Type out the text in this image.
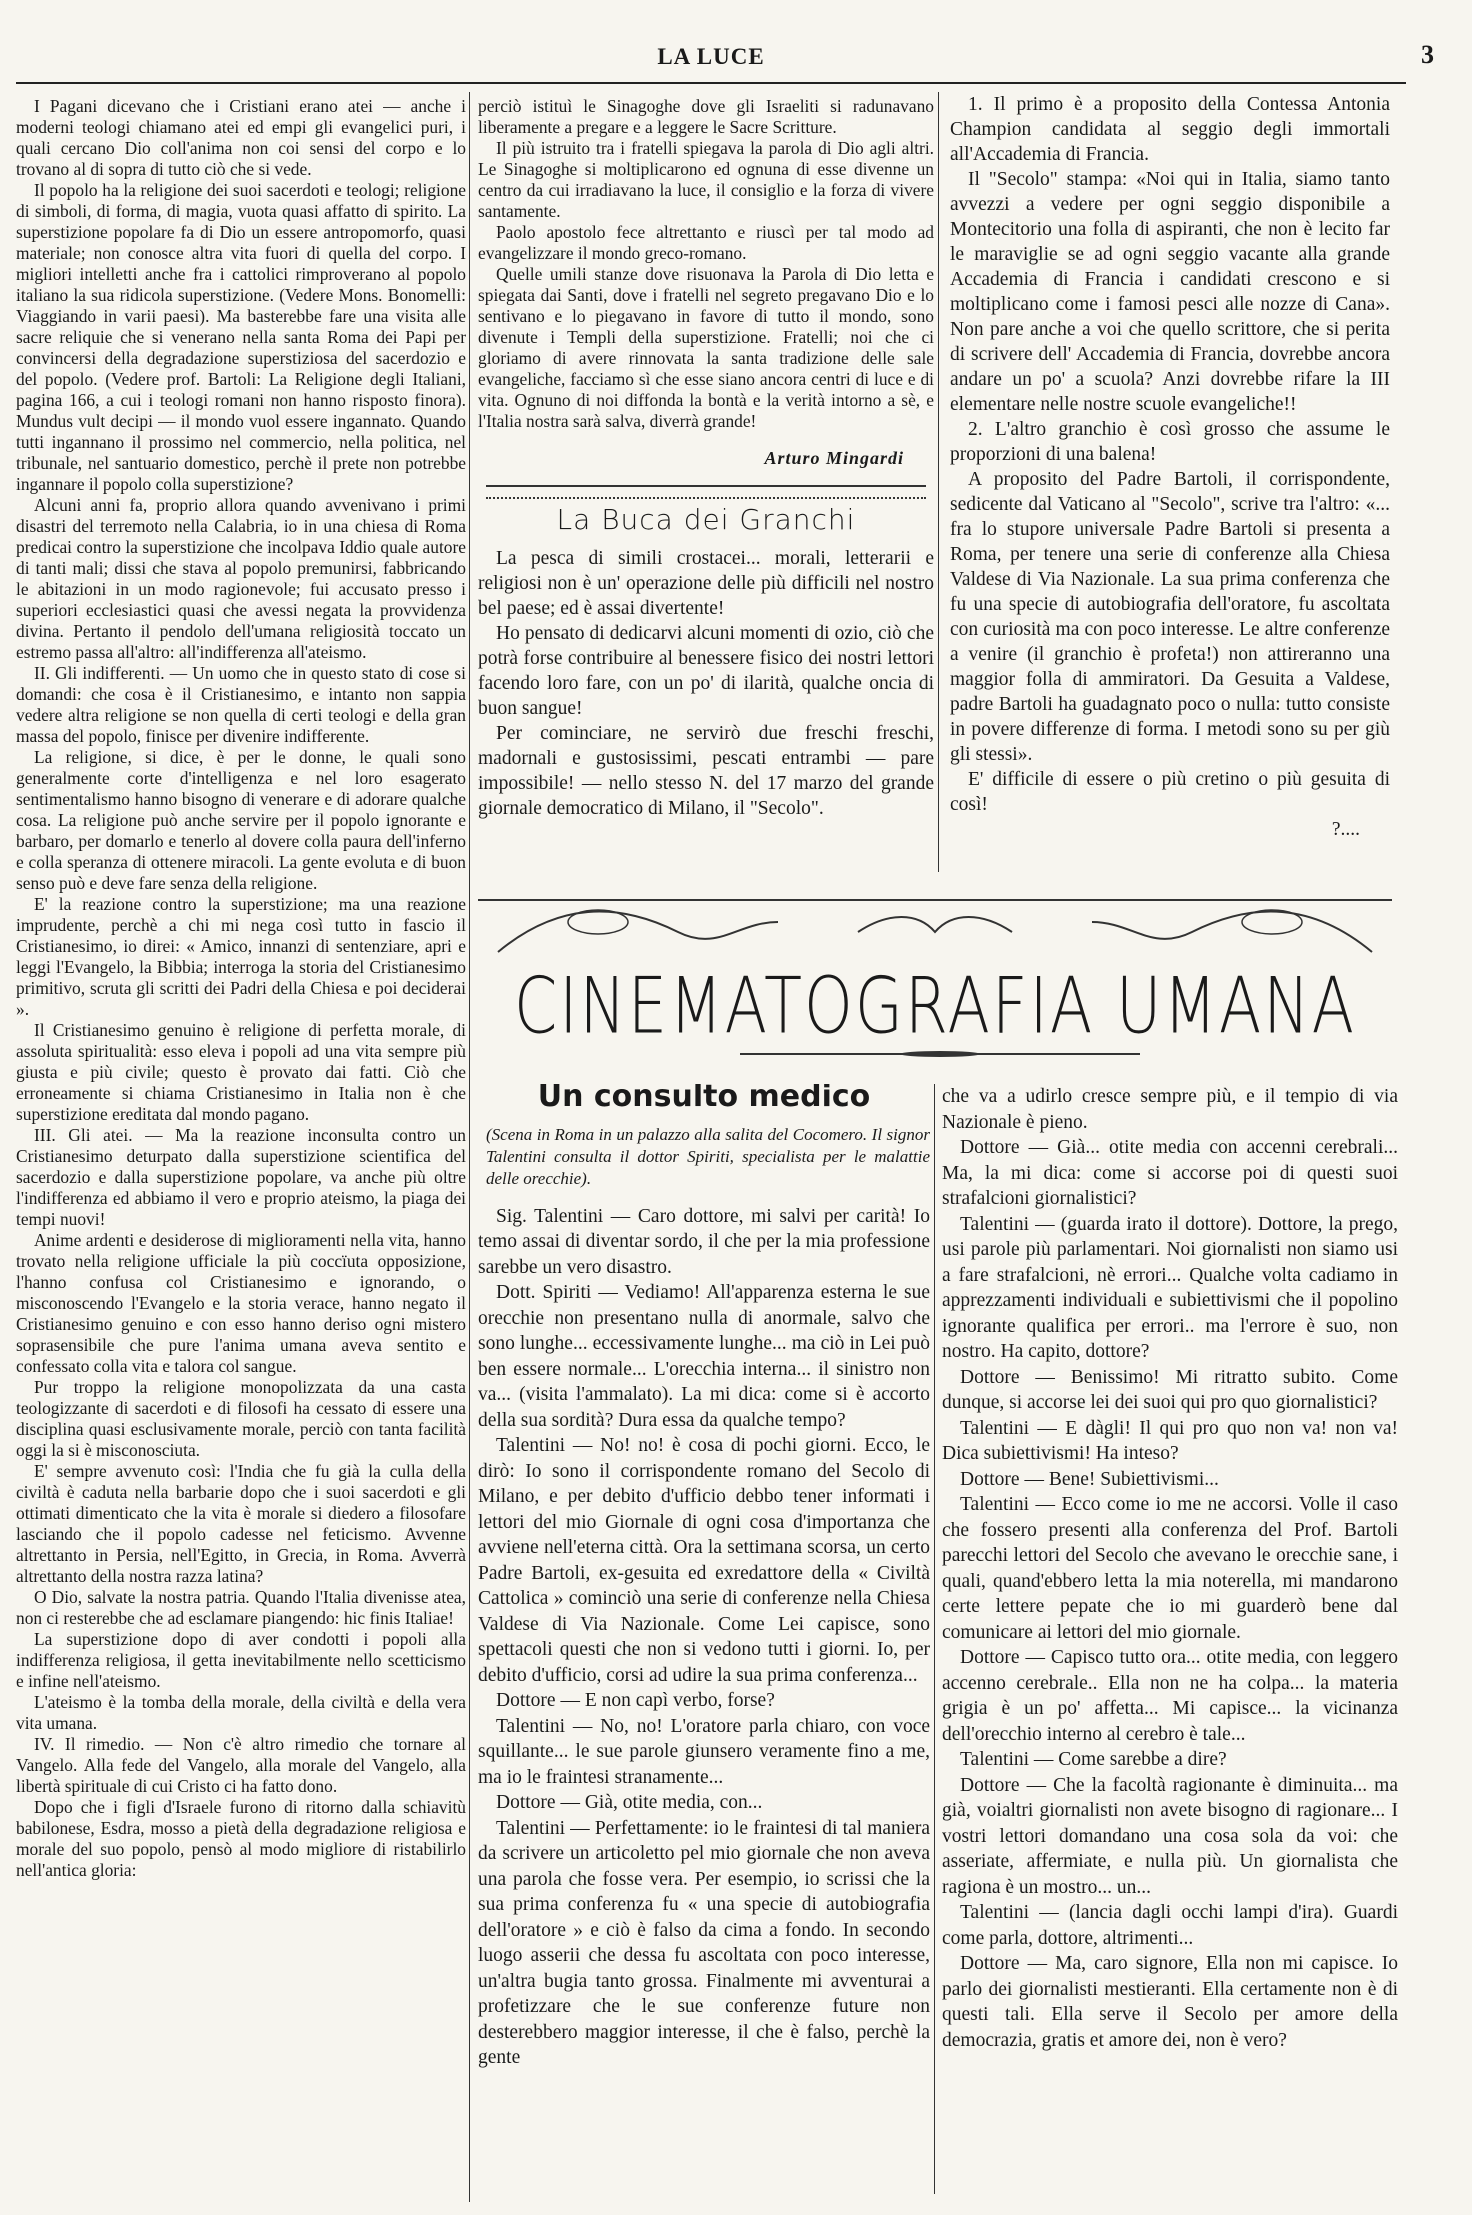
LA LUCE	3

I Pagani dicevano che i Cristiani erano atei — anche i moderni teologi chiamano atei ed empi gli evangelici puri, i quali cercano Dio coll'anima non coi sensi del corpo e lo trovano al di sopra di tutto ciò che si vede.

Il popolo ha la religione dei suoi sacerdoti e teologi; religione di simboli, di forma, di magia, vuota quasi affatto di spirito. La superstizione popolare fa di Dio un essere antropomorfo, quasi materiale; non conosce altra vita fuori di quella del corpo. I migliori intelletti anche fra i cattolici rimproverano al popolo italiano la sua ridicola superstizione. (Vedere Mons. Bonomelli: Viaggiando in varii paesi). Ma basterebbe fare una visita alle sacre reliquie che si venerano nella santa Roma dei Papi per convincersi della degradazione superstiziosa del sacerdozio e del popolo. (Vedere prof. Bartoli: La Religione degli Italiani, pagina 166, a cui i teologi romani non hanno risposto finora). Mundus vult decipi — il mondo vuol essere ingannato. Quando tutti ingannano il prossimo nel commercio, nella politica, nel tribunale, nel santuario domestico, perchè il prete non potrebbe ingannare il popolo colla superstizione?

Alcuni anni fa, proprio allora quando avvenivano i primi disastri del terremoto nella Calabria, io in una chiesa di Roma predicai contro la superstizione che incolpava Iddio quale autore di tanti mali; dissi che stava al popolo premunirsi, fabbricando le abitazioni in un modo ragionevole; fui accusato presso i superiori ecclesiastici quasi che avessi negata la provvidenza divina. Pertanto il pendolo dell'umana religiosità toccato un estremo passa all'altro: all'indifferenza all'ateismo.

II. Gli indifferenti. — Un uomo che in questo stato di cose si domandi: che cosa è il Cristianesimo, e intanto non sappia vedere altra religione se non quella di certi teologi e della gran massa del popolo, finisce per divenire indifferente.

La religione, si dice, è per le donne, le quali sono generalmente corte d'intelligenza e nel loro esagerato sentimentalismo hanno bisogno di venerare e di adorare qualche cosa. La religione può anche servire per il popolo ignorante e barbaro, per domarlo e tenerlo al dovere colla paura dell'inferno e colla speranza di ottenere miracoli. La gente evoluta e di buon senso può e deve fare senza della religione.

E' la reazione contro la superstizione; ma una reazione imprudente, perchè a chi mi nega così tutto in fascio il Cristianesimo, io direi: « Amico, innanzi di sentenziare, apri e leggi l'Evangelo, la Bibbia; interroga la storia del Cristianesimo primitivo, scruta gli scritti dei Padri della Chiesa e poi deciderai ».

Il Cristianesimo genuino è religione di perfetta morale, di assoluta spiritualità: esso eleva i popoli ad una vita sempre più giusta e più civile; questo è provato dai fatti. Ciò che erroneamente si chiama Cristianesimo in Italia non è che superstizione ereditata dal mondo pagano.

III. Gli atei. — Ma la reazione inconsulta contro un Cristianesimo deturpato dalla superstizione scientifica del sacerdozio e dalla superstizione popolare, va anche più oltre l'indifferenza ed abbiamo il vero e proprio ateismo, la piaga dei tempi nuovi!

Anime ardenti e desiderose di miglioramenti nella vita, hanno trovato nella religione ufficiale la più coccïuta opposizione, l'hanno confusa col Cristianesimo e ignorando, o misconoscendo l'Evangelo e la storia verace, hanno negato il Cristianesimo genuino e con esso hanno deriso ogni mistero soprasensibile che pure l'anima umana aveva sentito e confessato colla vita e talora col sangue.

Pur troppo la religione monopolizzata da una casta teologizzante di sacerdoti e di filosofi ha cessato di essere una disciplina quasi esclusivamente morale, perciò con tanta facilità oggi la si è misconosciuta.

E' sempre avvenuto così: l'India che fu già la culla della civiltà è caduta nella barbarie dopo che i suoi sacerdoti e gli ottimati dimenticato che la vita è morale si diedero a filosofare lasciando che il popolo cadesse nel feticismo. Avvenne altrettanto in Persia, nell'Egitto, in Grecia, in Roma. Avverrà altrettanto della nostra razza latina?

O Dio, salvate la nostra patria. Quando l'Italia divenisse atea, non ci resterebbe che ad esclamare piangendo: hic finis Italiae!

La superstizione dopo di aver condotti i popoli alla indifferenza religiosa, il getta inevitabilmente nello scetticismo e infine nell'ateismo.

L'ateismo è la tomba della morale, della civiltà e della vera vita umana.

IV. Il rimedio. — Non c'è altro rimedio che tornare al Vangelo. Alla fede del Vangelo, alla morale del Vangelo, alla libertà spirituale di cui Cristo ci ha fatto dono.

Dopo che i figli d'Israele furono di ritorno dalla schiavitù babilonese, Esdra, mosso a pietà della degradazione religiosa e morale del suo popolo, pensò al modo migliore di ristabilirlo nell'antica gloria:

perciò istituì le Sinagoghe dove gli Israeliti si radunavano liberamente a pregare e a leggere le Sacre Scritture.

Il più istruito tra i fratelli spiegava la parola di Dio agli altri. Le Sinagoghe si moltiplicarono ed ognuna di esse divenne un centro da cui irradiavano la luce, il consiglio e la forza di vivere santamente.

Paolo apostolo fece altrettanto e riuscì per tal modo ad evangelizzare il mondo greco-romano.

Quelle umili stanze dove risuonava la Parola di Dio letta e spiegata dai Santi, dove i fratelli nel segreto pregavano Dio e lo sentivano e lo piegavano in favore di tutto il mondo, sono divenute i Templi della superstizione. Fratelli; noi che ci gloriamo di avere rinnovata la santa tradizione delle sale evangeliche, facciamo sì che esse siano ancora centri di luce e di vita. Ognuno di noi diffonda la bontà e la verità intorno a sè, e l'Italia nostra sarà salva, diverrà grande!

Arturo Mingardi
La Buca dei Granchi

La pesca di simili crostacei... morali, letterarii e religiosi non è un' operazione delle più difficili nel nostro bel paese; ed è assai divertente!

Ho pensato di dedicarvi alcuni momenti di ozio, ciò che potrà forse contribuire al benessere fisico dei nostri lettori facendo loro fare, con un po' di ilarità, qualche oncia di buon sangue!

Per cominciare, ne servirò due freschi freschi, madornali e gustosissimi, pescati entrambi — pare impossibile! — nello stesso N. del 17 marzo del grande giornale democratico di Milano, il "Secolo".

1. Il primo è a proposito della Contessa Antonia Champion candidata al seggio degli immortali all'Accademia di Francia.

Il "Secolo" stampa: «Noi qui in Italia, siamo tanto avvezzi a vedere per ogni seggio disponibile a Montecitorio una folla di aspiranti, che non è lecito far le maraviglie se ad ogni seggio vacante alla grande Accademia di Francia i candidati crescono e si moltiplicano come i famosi pesci alle nozze di Cana». Non pare anche a voi che quello scrittore, che si perita di scrivere dell' Accademia di Francia, dovrebbe ancora andare un po' a scuola? Anzi dovrebbe rifare la III elementare nelle nostre scuole evangeliche!!

2. L'altro granchio è così grosso che assume le proporzioni di una balena!

A proposito del Padre Bartoli, il corrispondente, sedicente dal Vaticano al "Secolo", scrive tra l'altro: «... fra lo stupore universale Padre Bartoli si presenta a Roma, per tenere una serie di conferenze alla Chiesa Valdese di Via Nazionale. La sua prima conferenza che fu una specie di autobiografia dell'oratore, fu ascoltata con curiosità ma con poco interesse. Le altre conferenze a venire (il granchio è profeta!) non attireranno una maggior folla di ammiratori. Da Gesuita a Valdese, padre Bartoli ha guadagnato poco o nulla: tutto consiste in povere differenze di forma. I metodi sono su per giù gli stessi».

E' difficile di essere o più cretino o più gesuita di così!

?....
CINEMATOGRAFIA UMANA
Un consulto medico
(Scena in Roma in un palazzo alla salita del Cocomero. Il signor Talentini consulta il dottor Spiriti, specialista per le malattie delle orecchie).

Sig. Talentini — Caro dottore, mi salvi per carità! Io temo assai di diventar sordo, il che per la mia professione sarebbe un vero disastro.

Dott. Spiriti — Vediamo! All'apparenza esterna le sue orecchie non presentano nulla di anormale, salvo che sono lunghe... eccessivamente lunghe... ma ciò in Lei può ben essere normale... L'orecchia interna... il sinistro non va... (visita l'ammalato). La mi dica: come si è accorto della sua sordità? Dura essa da qualche tempo?

Talentini — No! no! è cosa di pochi giorni. Ecco, le dirò: Io sono il corrispondente romano del Secolo di Milano, e per debito d'ufficio debbo tener informati i lettori del mio Giornale di ogni cosa d'importanza che avviene nell'eterna città. Ora la settimana scorsa, un certo Padre Bartoli, ex-gesuita ed exredattore della « Civiltà Cattolica » cominciò una serie di conferenze nella Chiesa Valdese di Via Nazionale. Come Lei capisce, sono spettacoli questi che non si vedono tutti i giorni. Io, per debito d'ufficio, corsi ad udire la sua prima conferenza...

Dottore — E non capì verbo, forse?

Talentini — No, no! L'oratore parla chiaro, con voce squillante... le sue parole giunsero veramente fino a me, ma io le fraintesi stranamente...

Dottore — Già, otite media, con...

Talentini — Perfettamente: io le fraintesi di tal maniera da scrivere un articoletto pel mio giornale che non aveva una parola che fosse vera. Per esempio, io scrissi che la sua prima conferenza fu « una specie di autobiografia dell'oratore » e ciò è falso da cima a fondo. In secondo luogo asserii che dessa fu ascoltata con poco interesse, un'altra bugia tanto grossa. Finalmente mi avventurai a profetizzare che le sue conferenze future non desterebbero maggior interesse, il che è falso, perchè la gente

che va a udirlo cresce sempre più, e il tempio di via Nazionale è pieno.

Dottore — Già... otite media con accenni cerebrali... Ma, la mi dica: come si accorse poi di questi suoi strafalcioni giornalistici?

Talentini — (guarda irato il dottore). Dottore, la prego, usi parole più parlamentari. Noi giornalisti non siamo usi a fare strafalcioni, nè errori... Qualche volta cadiamo in apprezzamenti individuali e subiettivismi che il popolino ignorante qualifica per errori.. ma l'errore è suo, non nostro. Ha capito, dottore?

Dottore — Benissimo! Mi ritratto subito. Come dunque, si accorse lei dei suoi qui pro quo giornalistici?

Talentini — E dàgli! Il qui pro quo non va! non va! Dica subiettivismi! Ha inteso?

Dottore — Bene! Subiettivismi...

Talentini — Ecco come io me ne accorsi. Volle il caso che fossero presenti alla conferenza del Prof. Bartoli parecchi lettori del Secolo che avevano le orecchie sane, i quali, quand'ebbero letta la mia noterella, mi mandarono certe lettere pepate che io mi guarderò bene dal comunicare ai lettori del mio giornale.

Dottore — Capisco tutto ora... otite media, con leggero accenno cerebrale.. Ella non ne ha colpa... la materia grigia è un po' affetta... Mi capisce... la vicinanza dell'orecchio interno al cerebro è tale...

Talentini — Come sarebbe a dire?

Dottore — Che la facoltà ragionante è diminuita... ma già, voialtri giornalisti non avete bisogno di ragionare... I vostri lettori domandano una cosa sola da voi: che asseriate, affermiate, e nulla più. Un giornalista che ragiona è un mostro... un...

Talentini — (lancia dagli occhi lampi d'ira). Guardi come parla, dottore, altrimenti...

Dottore — Ma, caro signore, Ella non mi capisce. Io parlo dei giornalisti mestieranti. Ella certamente non è di questi tali. Ella serve il Secolo per amore della democrazia, gratis et amore dei, non è vero?
